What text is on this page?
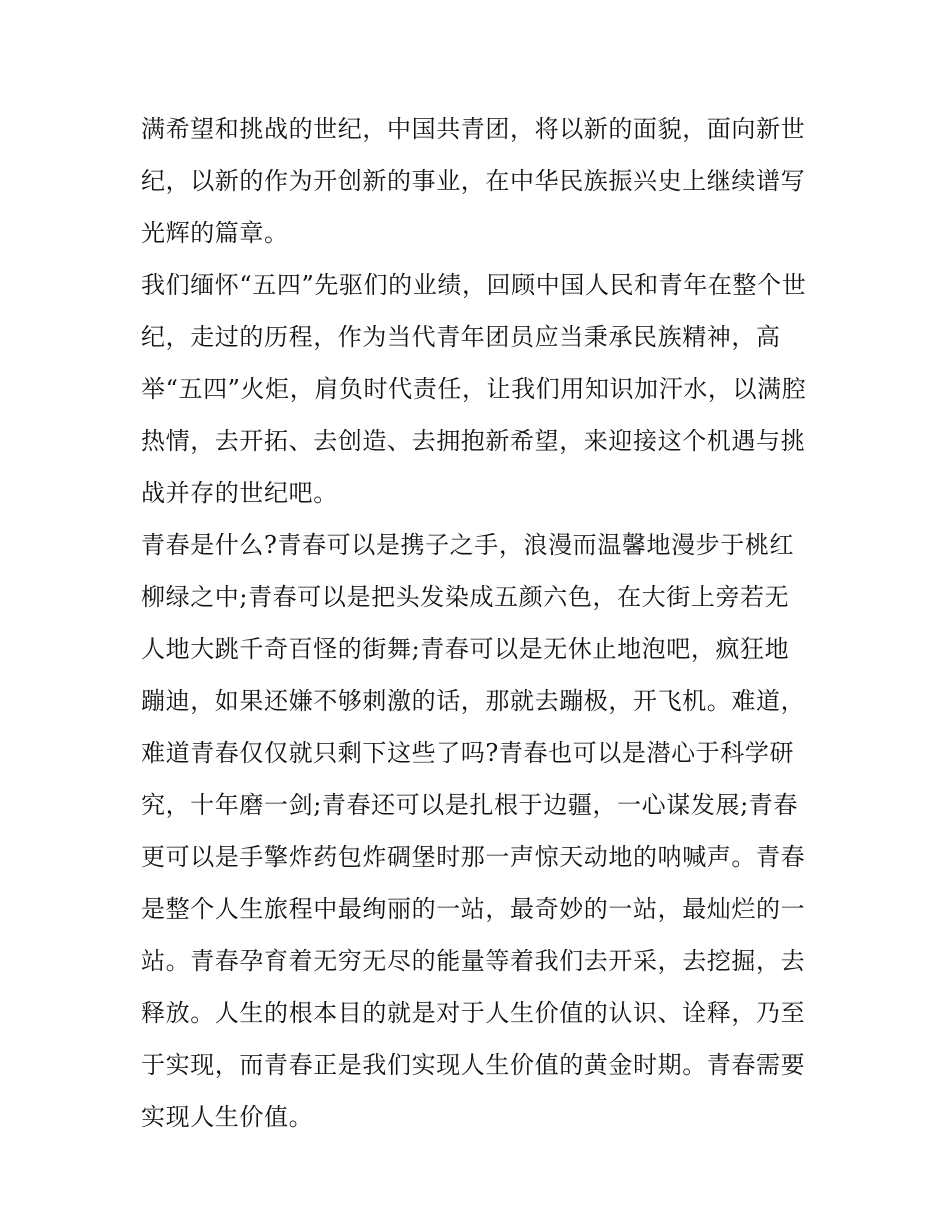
满希望和挑战的世纪，中国共青团，将以新的面貌，面向新世
纪，以新的作为开创新的事业，在中华民族振兴史上继续谱写
光辉的篇章。
我们缅怀“五四”先驱们的业绩，回顾中国人民和青年在整个世
纪，走过的历程，作为当代青年团员应当秉承民族精神，高
举“五四”火炬，肩负时代责任，让我们用知识加汗水，以满腔
热情，去开拓、去创造、去拥抱新希望，来迎接这个机遇与挑
战并存的世纪吧。
青春是什么?青春可以是携子之手，浪漫而温馨地漫步于桃红
柳绿之中;青春可以是把头发染成五颜六色，在大街上旁若无
人地大跳千奇百怪的街舞;青春可以是无休止地泡吧，疯狂地
蹦迪，如果还嫌不够刺激的话，那就去蹦极，开飞机。难道，
难道青春仅仅就只剩下这些了吗?青春也可以是潜心于科学研
究，十年磨一剑;青春还可以是扎根于边疆，一心谋发展;青春
更可以是手擎炸药包炸碉堡时那一声惊天动地的呐喊声。青春
是整个人生旅程中最绚丽的一站，最奇妙的一站，最灿烂的一
站。青春孕育着无穷无尽的能量等着我们去开采，去挖掘，去
释放。人生的根本目的就是对于人生价值的认识、诠释，乃至
于实现，而青春正是我们实现人生价值的黄金时期。青春需要
实现人生价值。
